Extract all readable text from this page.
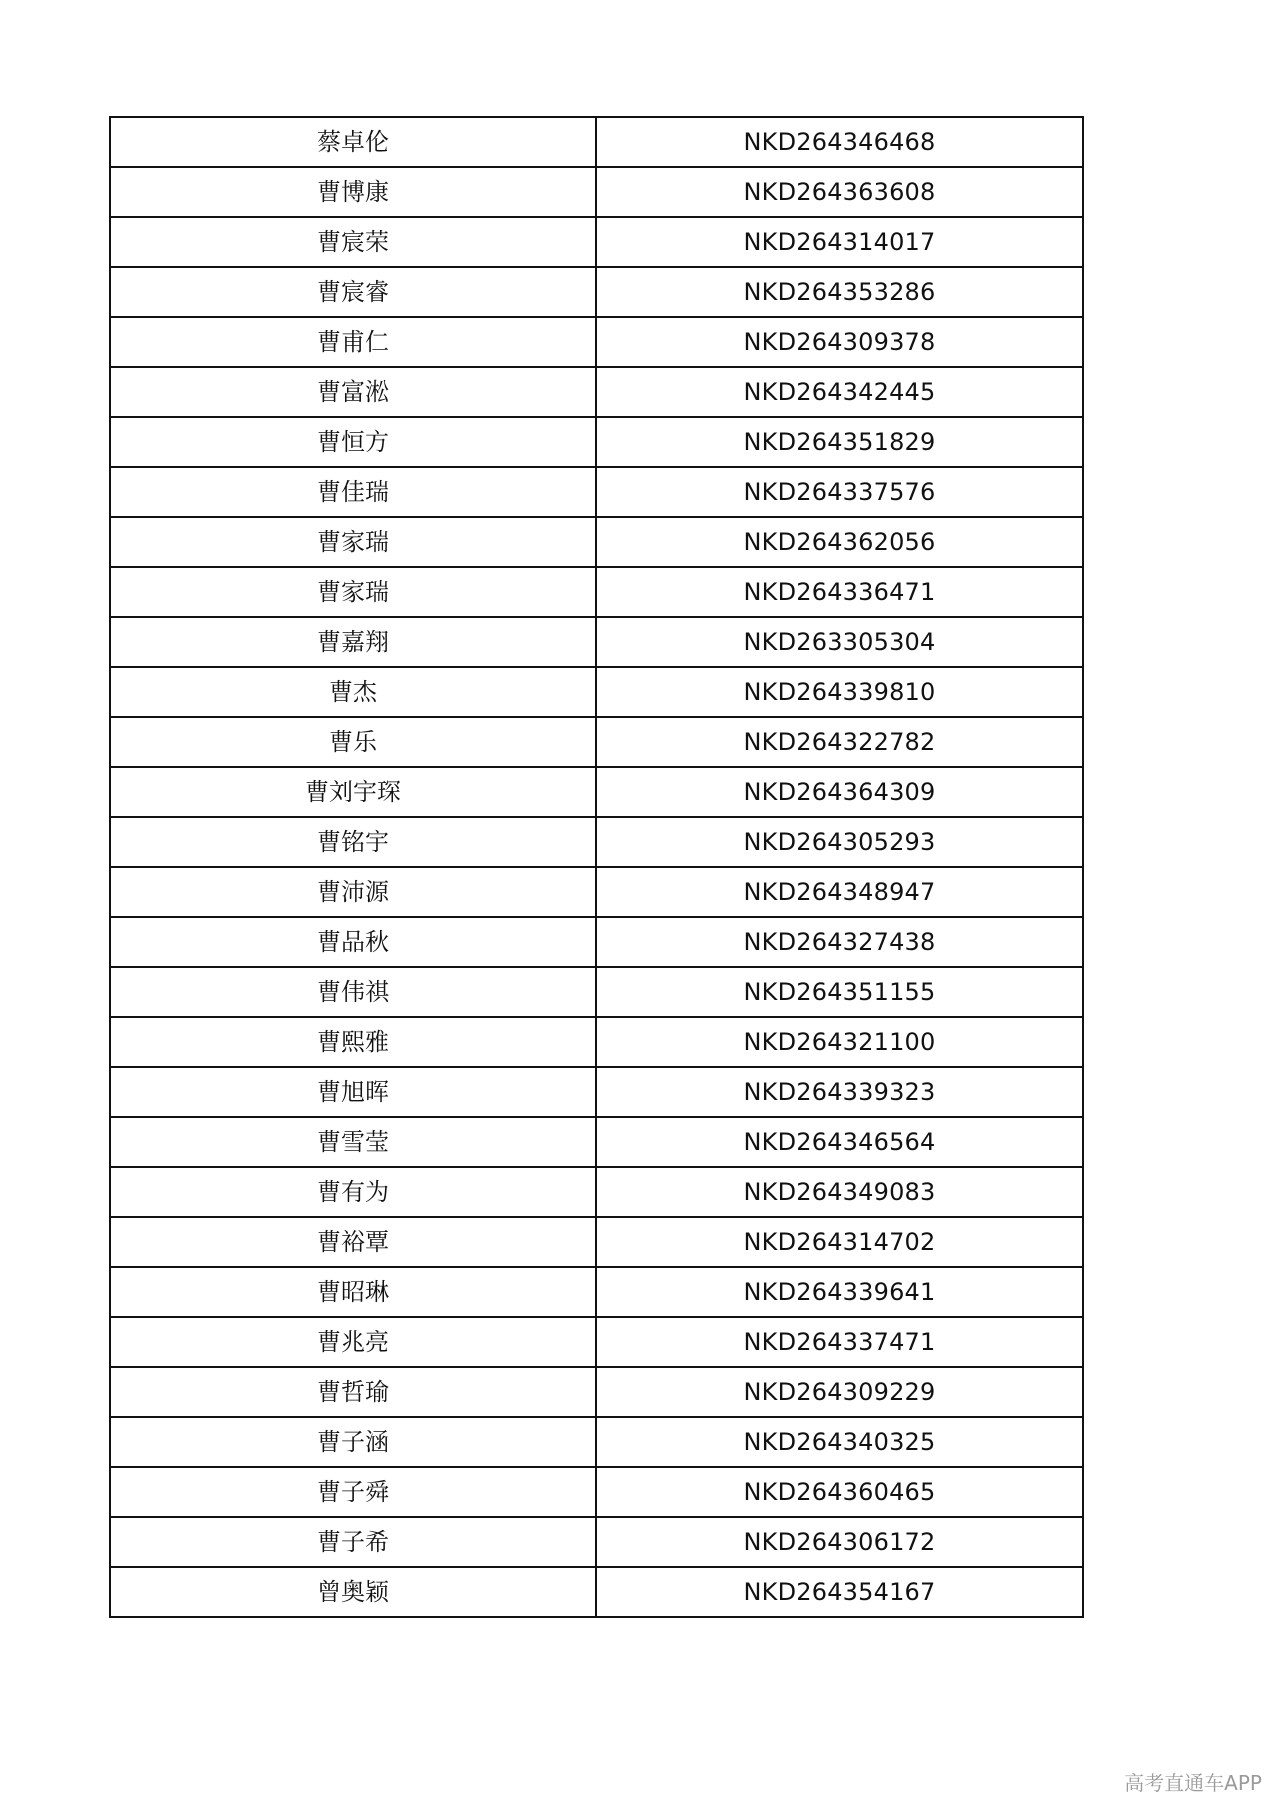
蔡卓伦	NKD264346468
曹博康	NKD264363608
曹宸荣	NKD264314017
曹宸睿	NKD264353286
曹甫仁	NKD264309378
曹富淞	NKD264342445
曹恒方	NKD264351829
曹佳瑞	NKD264337576
曹家瑞	NKD264362056
曹家瑞	NKD264336471
曹嘉翔	NKD263305304
曹杰	NKD264339810
曹乐	NKD264322782
曹刘宇琛	NKD264364309
曹铭宇	NKD264305293
曹沛源	NKD264348947
曹品秋	NKD264327438
曹伟祺	NKD264351155
曹熙雅	NKD264321100
曹旭晖	NKD264339323
曹雪莹	NKD264346564
曹有为	NKD264349083
曹裕覃	NKD264314702
曹昭琳	NKD264339641
曹兆亮	NKD264337471
曹哲瑜	NKD264309229
曹子涵	NKD264340325
曹子舜	NKD264360465
曹子希	NKD264306172
曾奥颖	NKD264354167
高考直通车APP
